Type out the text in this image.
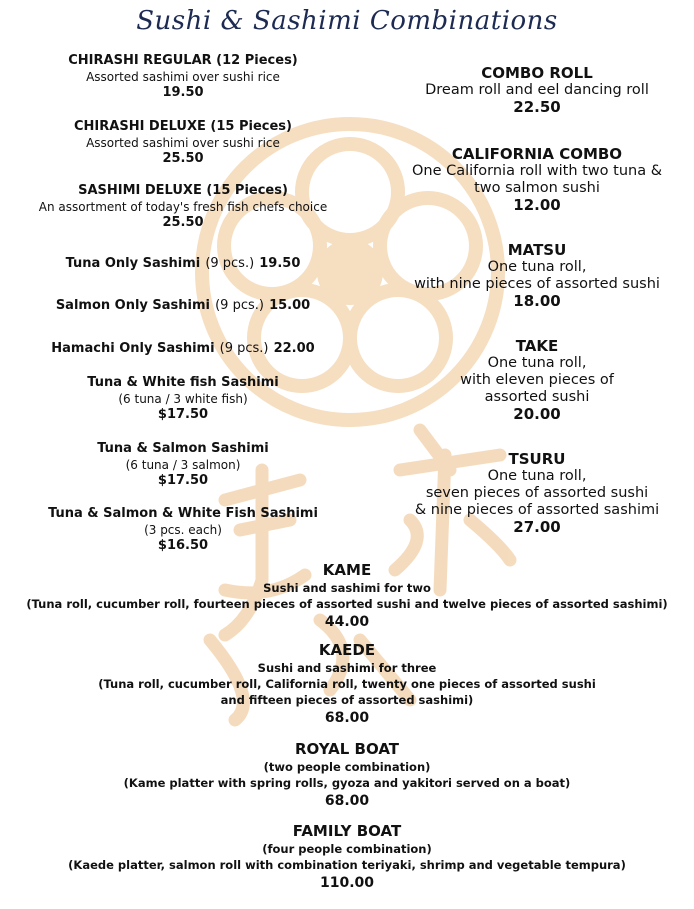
Sushi & Sashimi Combinations
CHIRASHI REGULAR (12 Pieces)
Assorted sashimi over sushi rice
19.50
CHIRASHI DELUXE (15 Pieces)
Assorted sashimi over sushi rice
25.50
SASHIMI DELUXE (15 Pieces)
An assortment of today's fresh fish chefs choice
25.50
Tuna Only Sashimi (9 pcs.) 19.50
Salmon Only Sashimi (9 pcs.) 15.00
Hamachi Only Sashimi (9 pcs.) 22.00
Tuna & White fish Sashimi
(6 tuna / 3 white fish)
$17.50
Tuna & Salmon Sashimi
(6 tuna / 3 salmon)
$17.50
Tuna & Salmon & White Fish Sashimi
(3 pcs. each)
$16.50
COMBO ROLL
Dream roll and eel dancing roll
22.50
CALIFORNIA COMBO
One California roll with two tuna &
two salmon sushi
12.00
MATSU
One tuna roll,
with nine pieces of assorted sushi
18.00
TAKE
One tuna roll,
with eleven pieces of
assorted sushi
20.00
TSURU
One tuna roll,
seven pieces of assorted sushi
& nine pieces of assorted sashimi
27.00
KAME
Sushi and sashimi for two
(Tuna roll, cucumber roll, fourteen pieces of assorted sushi and twelve pieces of assorted sashimi)
44.00
KAEDE
Sushi and sashimi for three
(Tuna roll, cucumber roll, California roll, twenty one pieces of assorted sushi
and fifteen pieces of assorted sashimi)
68.00
ROYAL BOAT
(two people combination)
(Kame platter with spring rolls, gyoza and yakitori served on a boat)
68.00
FAMILY BOAT
(four people combination)
(Kaede platter, salmon roll with combination teriyaki, shrimp and vegetable tempura)
110.00
